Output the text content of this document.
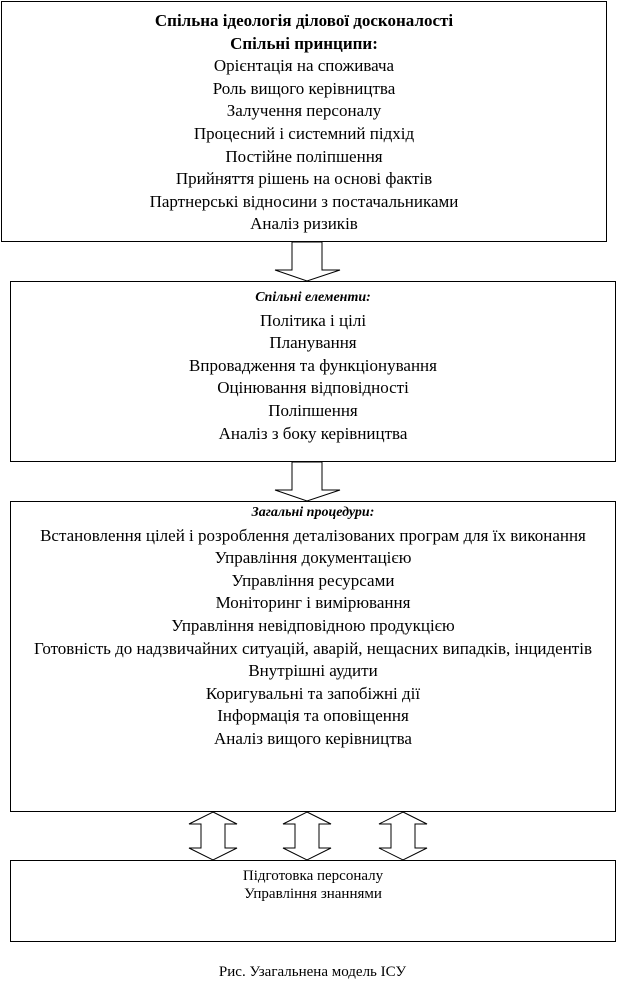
Спільна ідеологія ділової досконалості
Спільні принципи:
Орієнтація на споживача
Роль вищого керівництва
Залучення персоналу
Процесний і системний підхід
Постійне поліпшення
Прийняття рішень на основі фактів
Партнерські відносини з постачальниками
Аналіз ризиків
Спільні елементи:
Політика і цілі
Планування
Впровадження та функціонування
Оцінювання відповідності
Поліпшення
Аналіз з боку керівництва
Загальні процедури:
Встановлення цілей і розроблення деталізованих програм для їх виконання
Управління документацією
Управління ресурсами
Моніторинг і вимірювання
Управління невідповідною продукцією
Готовність до надзвичайних ситуацій, аварій, нещасних випадків, інцидентів
Внутрішні аудити
Коригувальні та запобіжні дії
Інформація та оповіщення
Аналіз вищого керівництва
Підготовка персоналу
Управління знаннями
Рис. Узагальнена модель ІСУ
